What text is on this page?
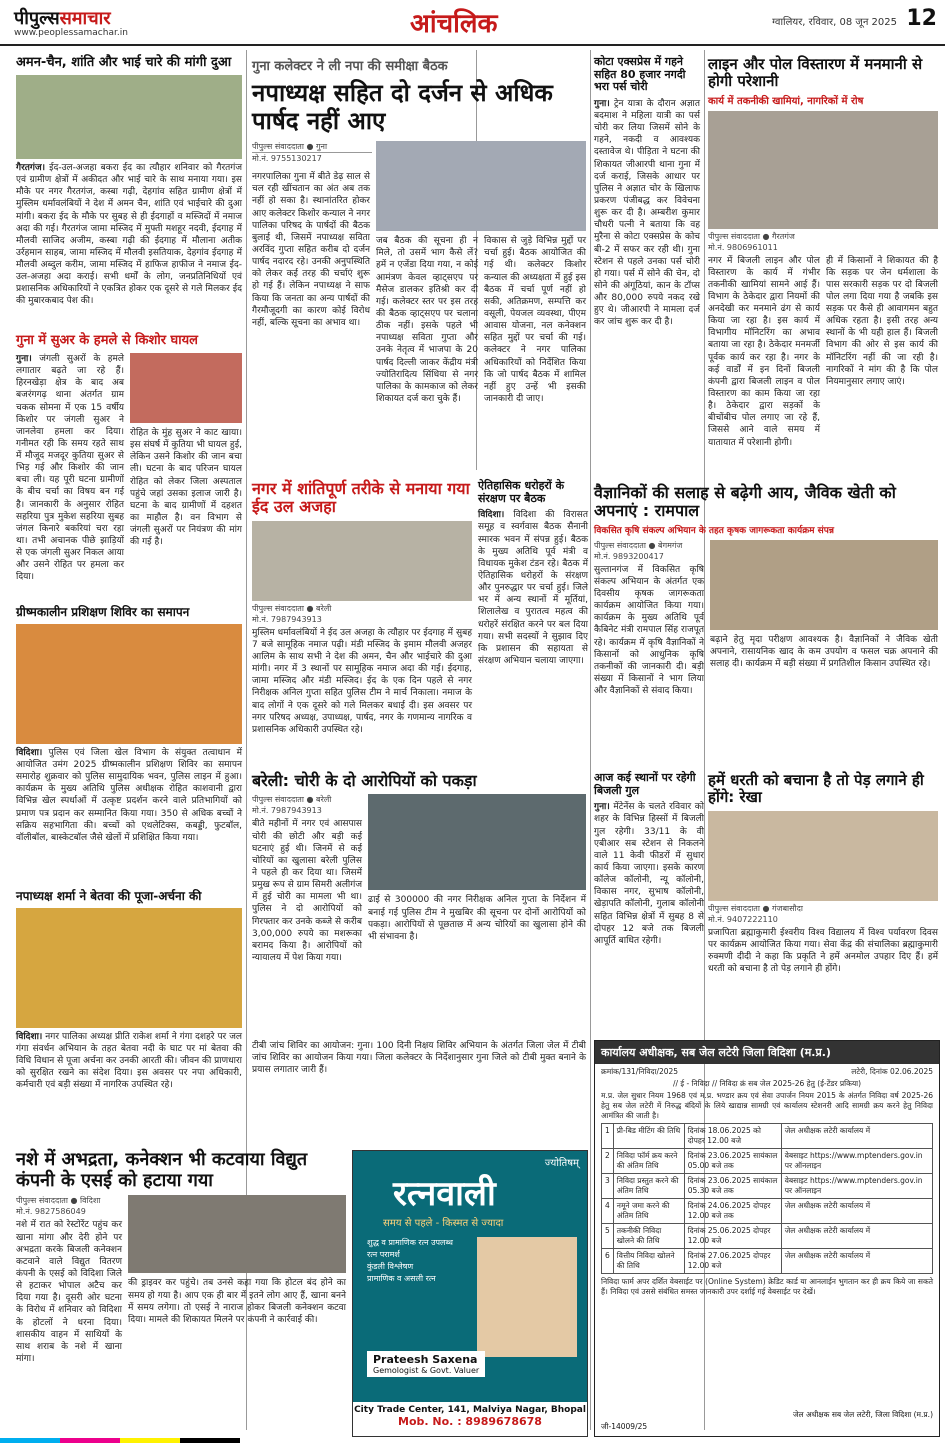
पीपुल्ससमाचार
www.peoplessamachar.in	आंचलिक	ग्वालियर, रविवार, 08 जून 2025 12
अमन-चैन, शांति और भाई चारे की मांगी दुआ
गैरतगंज। ईद-उल-अजहा बकरा ईद का त्यौहार शनिवार को गैरतगंज एवं ग्रामीण क्षेत्रों में अकीदत और भाई चारे के साथ मनाया गया। इस मौके पर नगर गैरतगंज, कस्बा गढ़ी, देहगांव सहित ग्रामीण क्षेत्रों में मुस्लिम धर्मावलंबियों ने देश में अमन चैन, शांति एवं भाईचारे की दुआ मांगी। बकरा ईद के मौके पर सुबह से ही ईदगाहों व मस्जिदों में नमाज अदा की गई। गैरतगंज जामा मस्जिद में मुफ्ती मशहूर नदवी, ईदगाह में मौलवी साजिद अजीम, कस्बा गढ़ी की ईदगाह में मौलाना अतीक उर्रहमान साहब, जामा मस्जिद में मौलवी इसतियाक, देहगांव ईदगाह में मौलवी अब्दुल करीम, जामा मस्जिद में हाफिज हाफीज ने नमाज ईद-उल-अजहा अदा कराई। सभी धर्मों के लोग, जनप्रतिनिधियों एवं प्रशासनिक अधिकारियों ने एकत्रित होकर एक दूसरे से गले मिलकर ईद की मुबारकबाद पेश की।
गुना में सुअर के हमले से किशोर घायल
गुना। जंगली सुअरों के हमले लगातार बढ़ते जा रहे हैं। हिरनखेड़ा क्षेत्र के बाद अब बजरंगगढ़ थाना अंतर्गत ग्राम चकक सोमना में एक 15 वर्षीय किशोर पर जंगली सुअर ने जानलेवा हमला कर दिया। गनीमत रही कि समय रहते साथ में मौजूद मजदूर कुतिया सुअर से भिड़ गई और किशोर की जान बचा ली। यह पूरी घटना ग्रामीणों के बीच चर्चा का विषय बन गई है। जानकारी के अनुसार रोहित सहरिया पुत्र मुकेश सहरिया सुबह जंगल किनारे बकरियां चरा रहा था। तभी अचानक पीछे झाड़ियों से एक जंगली सुअर निकल आया और उसने रोहित पर हमला कर दिया।
रोहित के मुंह सुअर ने काट खाया। इस संघर्ष में कुतिया भी घायल हुई, लेकिन उसने किशोर की जान बचा ली। घटना के बाद परिजन घायल रोहित को लेकर जिला अस्पताल पहुंचे जहां उसका इलाज जारी है। घटना के बाद ग्रामीणों में दहशत का माहौल है। वन विभाग से जंगली सुअरों पर नियंत्रण की मांग की गई है।
ग्रीष्मकालीन प्रशिक्षण शिविर का समापन
विदिशा। पुलिस एवं जिला खेल विभाग के संयुक्त तत्वाधान में आयोजित उमंग 2025 ग्रीष्मकालीन प्रशिक्षण शिविर का समापन समारोह शुक्रवार को पुलिस सामुदायिक भवन, पुलिस लाइन में हुआ। कार्यक्रम के मुख्य अतिथि पुलिस अधीक्षक रोहित काशवानी द्वारा विभिन्न खेल स्पर्धाओं में उत्कृष्ट प्रदर्शन करने वाले प्रतिभागियों को प्रमाण पत्र प्रदान कर सम्मानित किया गया। 350 से अधिक बच्चों ने सक्रिय सहभागिता की। बच्चों को एथलेटिक्स, कबड्डी, फुटबॉल, वॉलीबॉल, बास्केटबॉल जैसे खेलों में प्रशिक्षित किया गया।
नपाध्यक्ष शर्मा ने बेतवा की पूजा-अर्चना की
विदिशा। नगर पालिका अध्यक्ष प्रीति राकेश शर्मा ने गंगा दशहरे पर जल गंगा संवर्धन अभियान के तहत बेतवा नदी के घाट पर मां बेतवा की विधि विधान से पूजा अर्चना कर उनकी आरती की। जीवन की प्राणधारा को सुरक्षित रखने का संदेश दिया। इस अवसर पर नपा अधिकारी, कर्मचारी एवं बड़ी संख्या में नागरिक उपस्थित रहे।
गुना कलेक्टर ने ली नपा की समीक्षा बैठक
नपाध्यक्ष सहित दो दर्जन से अधिक पार्षद नहीं आए
पीपुल्स संवाददाता ● गुना
मो.नं. 9755130217
नगरपालिका गुना में बीते डेढ़ साल से चल रही खींचतान का अंत अब तक नहीं हो सका है। स्थानांतरित होकर आए कलेक्टर किशोर कन्याल ने नगर पालिका परिषद के पार्षदों की बैठक बुलाई थी, जिसमें नपाध्यक्ष सविता अरविंद गुप्ता सहित करीब दो दर्जन पार्षद नदारद रहे। उनकी अनुपस्थिति को लेकर कई तरह की चर्चाएं शुरू हो गई हैं। लेकिन नपाध्यक्ष ने साफ किया कि जनता का अन्य पार्षदों की गैरमौजूदगी का कारण कोई विरोध नहीं, बल्कि सूचना का अभाव था।
जब बैठक की सूचना ही न मिले, तो उसमें भाग कैसे लें? हमें न एजेंडा दिया गया, न कोई आमंत्रण केवल व्हाट्सएप पर मैसेज डालकर इतिश्री कर दी गई। कलेक्टर स्तर पर इस तरह की बैठक व्हाट्सएप पर चलाना ठीक नहीं। इसके पहले भी नपाध्यक्ष सविता गुप्ता और उनके नेतृत्व में भाजपा के 20 पार्षद दिल्ली जाकर केंद्रीय मंत्री ज्योतिरादित्य सिंधिया से नगर पालिका के कामकाज को लेकर शिकायत दर्ज करा चुके हैं।
विकास से जुड़े विभिन्न मुद्दों पर चर्चा हुई। बैठक आयोजित की गई थी। कलेक्टर किशोर कन्याल की अध्यक्षता में हुई इस बैठक में चर्चा पूर्ण नहीं हो सकी, अतिक्रमण, सम्पत्ति कर वसूली, पेयजल व्यवस्था, पीएम आवास योजना, नल कनेक्शन सहित मुद्दों पर चर्चा की गई। कलेक्टर ने नगर पालिका अधिकारियों को निर्देशित किया कि जो पार्षद बैठक में शामिल नहीं हुए उन्हें भी इसकी जानकारी दी जाए।
कोटा एक्सप्रेस में गहने सहित 80 हजार नगदी भरा पर्स चोरी
गुना। ट्रेन यात्रा के दौरान अज्ञात बदमाश ने महिला यात्री का पर्स चोरी कर लिया जिसमें सोने के गहने, नकदी व आवश्यक दस्तावेज थे। पीड़िता ने घटना की शिकायत जीआरपी थाना गुना में दर्ज कराई, जिसके आधार पर पुलिस ने अज्ञात चोर के खिलाफ प्रकरण पंजीबद्ध कर विवेचना शुरू कर दी है। अम्बरीश कुमार चौधरी पत्नी ने बताया कि वह मुरैना से कोटा एक्सप्रेस के कोच बी-2 में सफर कर रही थी। गुना स्टेशन से पहले उनका पर्स चोरी हो गया। पर्स में सोने की चेन, दो सोने की अंगूठियां, कान के टॉप्स और 80,000 रुपये नकद रखे हुए थे। जीआरपी ने मामला दर्ज कर जांच शुरू कर दी है।
लाइन और पोल विस्तारण में मनमानी से होगी परेशानी
कार्य में तकनीकी खामियां, नागरिकों में रोष
पीपुल्स संवाददाता ● गैरतगंज
मो.नं. 9806961011
नगर में बिजली लाइन और पोल विस्तारण के कार्य में गंभीर तकनीकी खामियां सामने आई हैं। विभाग के ठेकेदार द्वारा नियमों की अनदेखी कर मनमाने ढंग से कार्य किया जा रहा है। इस कार्य में विभागीय मॉनिटरिंग का अभाव बताया जा रहा है। ठेकेदार मनमर्जी पूर्वक कार्य कर रहा है। नगर के कई वार्डों में इन दिनों बिजली कंपनी द्वारा बिजली लाइन व पोल विस्तारण का काम किया जा रहा है। ठेकेदार द्वारा सड़कों के बीचोंबीच पोल लगाए जा रहे हैं, जिससे आने वाले समय में यातायात में परेशानी होगी।
ही में किसानों ने शिकायत की है कि सड़क पर जेन धर्मशाला के पास सरकारी सड़क पर दो बिजली पोल लगा दिया गया है जबकि इस सड़क पर कैसे ही आवागमन बहुत अधिक रहता है। इसी तरह अन्य स्थानों के भी यही हाल हैं। बिजली विभाग की ओर से इस कार्य की मॉनिटरिंग नहीं की जा रही है। नागरिकों ने मांग की है कि पोल नियमानुसार लगाए जाएं।
नगर में शांतिपूर्ण तरीके से मनाया गया ईद उल अजहा
पीपुल्स संवाददाता ● बरेली
मो.नं. 7987943913
मुस्लिम धर्मावलंबियों ने ईद उल अजहा के त्यौहार पर ईदगाह में सुबह 7 बजे सामूहिक नमाज पढ़ी। मंडी मस्जिद के इमाम मौलवी अजहर आलिम के साथ सभी ने देश की अमन, चैन और भाईचारे की दुआ मांगी। नगर में 3 स्थानों पर सामूहिक नमाज अदा की गई। ईदगाह, जामा मस्जिद और मंडी मस्जिद। ईद के एक दिन पहले से नगर निरीक्षक अनिल गुप्ता सहित पुलिस टीम ने मार्च निकाला। नमाज के बाद लोगों ने एक दूसरे को गले मिलकर बधाई दी। इस अवसर पर नगर परिषद अध्यक्ष, उपाध्यक्ष, पार्षद, नगर के गणमान्य नागरिक व प्रशासनिक अधिकारी उपस्थित रहे।
ऐतिहासिक धरोहरों के संरक्षण पर बैठक
विदिशा। विदिशा की विरासत समूह व स्वर्गवास बैठक सैनानी स्मारक भवन में संपन्न हुई। बैठक के मुख्य अतिथि पूर्व मंत्री व विधायक मुकेश टंडन रहे। बैठक में ऐतिहासिक धरोहरों के संरक्षण और पुनरुद्धार पर चर्चा हुई। जिले भर में अन्य स्थानों में मूर्तियां, शिलालेख व पुरातत्व महत्व की धरोहरें संरक्षित करने पर बल दिया गया। सभी सदस्यों ने सुझाव दिए कि प्रशासन की सहायता से संरक्षण अभियान चलाया जाएगा।
वैज्ञानिकों की सलाह से बढ़ेगी आय, जैविक खेती को अपनाएं : रामपाल
विकसित कृषि संकल्प अभियान के तहत कृषक जागरूकता कार्यक्रम संपन्न
पीपुल्स संवाददाता ● बेगमगंज
मो.नं. 9893200417
सुल्तानगंज में विकसित कृषि संकल्प अभियान के अंतर्गत एक दिवसीय कृषक जागरूकता कार्यक्रम आयोजित किया गया। कार्यक्रम के मुख्य अतिथि पूर्व कैबिनेट मंत्री रामपाल सिंह राजपूत रहे। कार्यक्रम में कृषि वैज्ञानिकों ने किसानों को आधुनिक कृषि तकनीकों की जानकारी दी। बड़ी संख्या में किसानों ने भाग लिया और वैज्ञानिकों से संवाद किया।
बढ़ाने हेतु मृदा परीक्षण आवश्यक है। वैज्ञानिकों ने जैविक खेती अपनाने, रासायनिक खाद के कम उपयोग व फसल चक्र अपनाने की सलाह दी। कार्यक्रम में बड़ी संख्या में प्रगतिशील किसान उपस्थित रहे।
बरेली: चोरी के दो आरोपियों को पकड़ा
पीपुल्स संवाददाता ● बरेली
मो.नं. 7987943913
बीते महीनों में नगर एवं आसपास चोरी की छोटी और बड़ी कई घटनाएं हुई थी। जिनमें से कई चोरियों का खुलासा बरेली पुलिस ने पहले ही कर दिया था। जिसमें प्रमुख रूप से ग्राम सिमरी अलीगंज में हुई चोरी का मामला भी था। पुलिस ने दो आरोपियों को गिरफ्तार कर उनके कब्जे से करीब 3,00,000 रुपये का मशरूका बरामद किया है। आरोपियों को न्यायालय में पेश किया गया।
ढाई से 300000 की नगर निरीक्षक अनिल गुप्ता के निर्देशन में बनाई गई पुलिस टीम ने मुखबिर की सूचना पर दोनों आरोपियों को पकड़ा। आरोपियों से पूछताछ में अन्य चोरियों का खुलासा होने की भी संभावना है।
आज कई स्थानों पर रहेगी बिजली गुल
गुना। मेंटेनेंस के चलते रविवार को शहर के विभिन्न हिस्सों में बिजली गुल रहेगी। 33/11 के वी एबीआर सब स्टेशन से निकलने वाले 11 केवी फीडरों में सुधार कार्य किया जाएगा। इसके कारण कॉलेज कॉलोनी, न्यू कॉलोनी, विकास नगर, सुभाष कॉलोनी, खेड़ापति कॉलोनी, गुलाब कॉलोनी सहित विभिन्न क्षेत्रों में सुबह 8 से दोपहर 12 बजे तक बिजली आपूर्ति बाधित रहेगी।
हमें धरती को बचाना है तो पेड़ लगाने ही होंगे: रेखा
पीपुल्स संवाददाता ● गंजबासौदा
मो.नं. 9407222110
प्रजापिता ब्रह्माकुमारी ईश्वरीय विश्व विद्यालय में विश्व पर्यावरण दिवस पर कार्यक्रम आयोजित किया गया। सेवा केंद्र की संचालिका ब्रह्माकुमारी रुक्मणी दीदी ने कहा कि प्रकृति ने हमें अनमोल उपहार दिए हैं। हमें धरती को बचाना है तो पेड़ लगाने ही होंगे।
टीबी जांच शिविर का आयोजन: गुना। 100 दिनी निक्षय शिविर अभियान के अंतर्गत जिला जेल में टीबी जांच शिविर का आयोजन किया गया। जिला कलेक्टर के निर्देशानुसार गुना जिले को टीबी मुक्त बनाने के प्रयास लगातार जारी हैं।
नशे में अभद्रता, कनेक्शन भी कटवाया विद्युत कंपनी के एसई को हटाया गया
पीपुल्स संवाददाता ● विदिशा
मो.नं. 9827586049
नशे में रात को रेस्टोरेंट पहुंच कर खाना मांगा और देरी होने पर अभद्रता करके बिजली कनेक्शन कटवाने वाले विद्युत वितरण कंपनी के एसई को विदिशा जिले से हटाकर भोपाल अटैच कर दिया गया है। दूसरी ओर घटना के विरोध में शनिवार को विदिशा के होटलों ने धरना दिया। शासकीय वाहन में साथियों के साथ शराब के नशे में खाना मांगा।
की ड्राइवर कर पहुंचे। तब उनसे कहा गया कि होटल बंद होने का समय हो गया है। आप एक ही बार में इतने लोग आए हैं, खाना बनने में समय लगेगा। तो एसई ने नाराज होकर बिजली कनेक्शन कटवा दिया। मामले की शिकायत मिलने पर कंपनी ने कार्रवाई की।
ज्योतिषम्
रत्नवाली
समय से पहले - किस्मत से ज्यादा
शुद्ध व प्रामाणिक रत्न उपलब्ध
रत्न परामर्श
कुंडली विश्लेषण
प्रामाणिक व असली रत्न
Prateesh Saxena
Gemologist & Govt. Valuer
City Trade Center, 141, Malviya Nagar, Bhopal
Mob. No. : 8989678678
कार्यालय अधीक्षक, सब जेल लटेरी जिला विदिशा (म.प्र.)
क्रमांक/131/निविदा/2025	लटेरी, दिनांक 02.06.2025
// ई - निविदा // निविदा क्रं सब जेल 2025-26 हेतु (ई-टेंडर प्रकिया)
म.प्र. जेल सुधार नियम 1968 एवं म.प्र. भण्डार क्रय एवं सेवा उपार्जन नियम 2015 के अंतर्गत निविदा वर्ष 2025-26 हेतु सब जेल लटेरी में निरुद्ध बंदियों के लिये खाद्यान्न सामग्री एवं कार्यालय स्टेशनरी आदि सामग्री क्रय करने हेतु निविदा आमंत्रित की जाती है।
1	प्री-बिड मीटिंग की तिथि	दिनांक 18.06.2025 को दोपहर 12.00 बजे	जेल अधीक्षक लटेरी कार्यालय में
2	निविदा फॉर्म क्रय करने की अंतिम तिथि	दिनांक 23.06.2025 सायंकाल 05.00 बजे तक	वेबसाइट https://www.mptenders.gov.in पर ऑनलाइन
3	निविदा प्रस्तुत करने की अंतिम तिथि	दिनांक 23.06.2025 सायंकाल 05.30 बजे तक	वेबसाइट https://www.mptenders.gov.in पर ऑनलाइन
4	नमूने जमा करने की अंतिम तिथि	दिनांक 24.06.2025 दोपहर 12.00 बजे तक	जेल अधीक्षक लटेरी कार्यालय में
5	तकनीकी निविदा खोलने की तिथि	दिनांक 25.06.2025 दोपहर 12.00 बजे	जेल अधीक्षक लटेरी कार्यालय में
6	वित्तीय निविदा खोलने की तिथि	दिनांक 27.06.2025 दोपहर 12.00 बजे	जेल अधीक्षक लटेरी कार्यालय में
निविदा फार्म अपर दर्शित वेबसाईट पर (Online System) क्रेडिट कार्ड या आनलाईन भुगतान कर ही क्रय किये जा सकते हैं। निविदा एवं उससे संबंधित समस्त जानकारी उपर दर्शाई गई वेबसाईट पर देखें।
जेल अधीक्षक सब जेल लटेरी, जिला विदिशा (म.प्र.)
जी-14009/25
